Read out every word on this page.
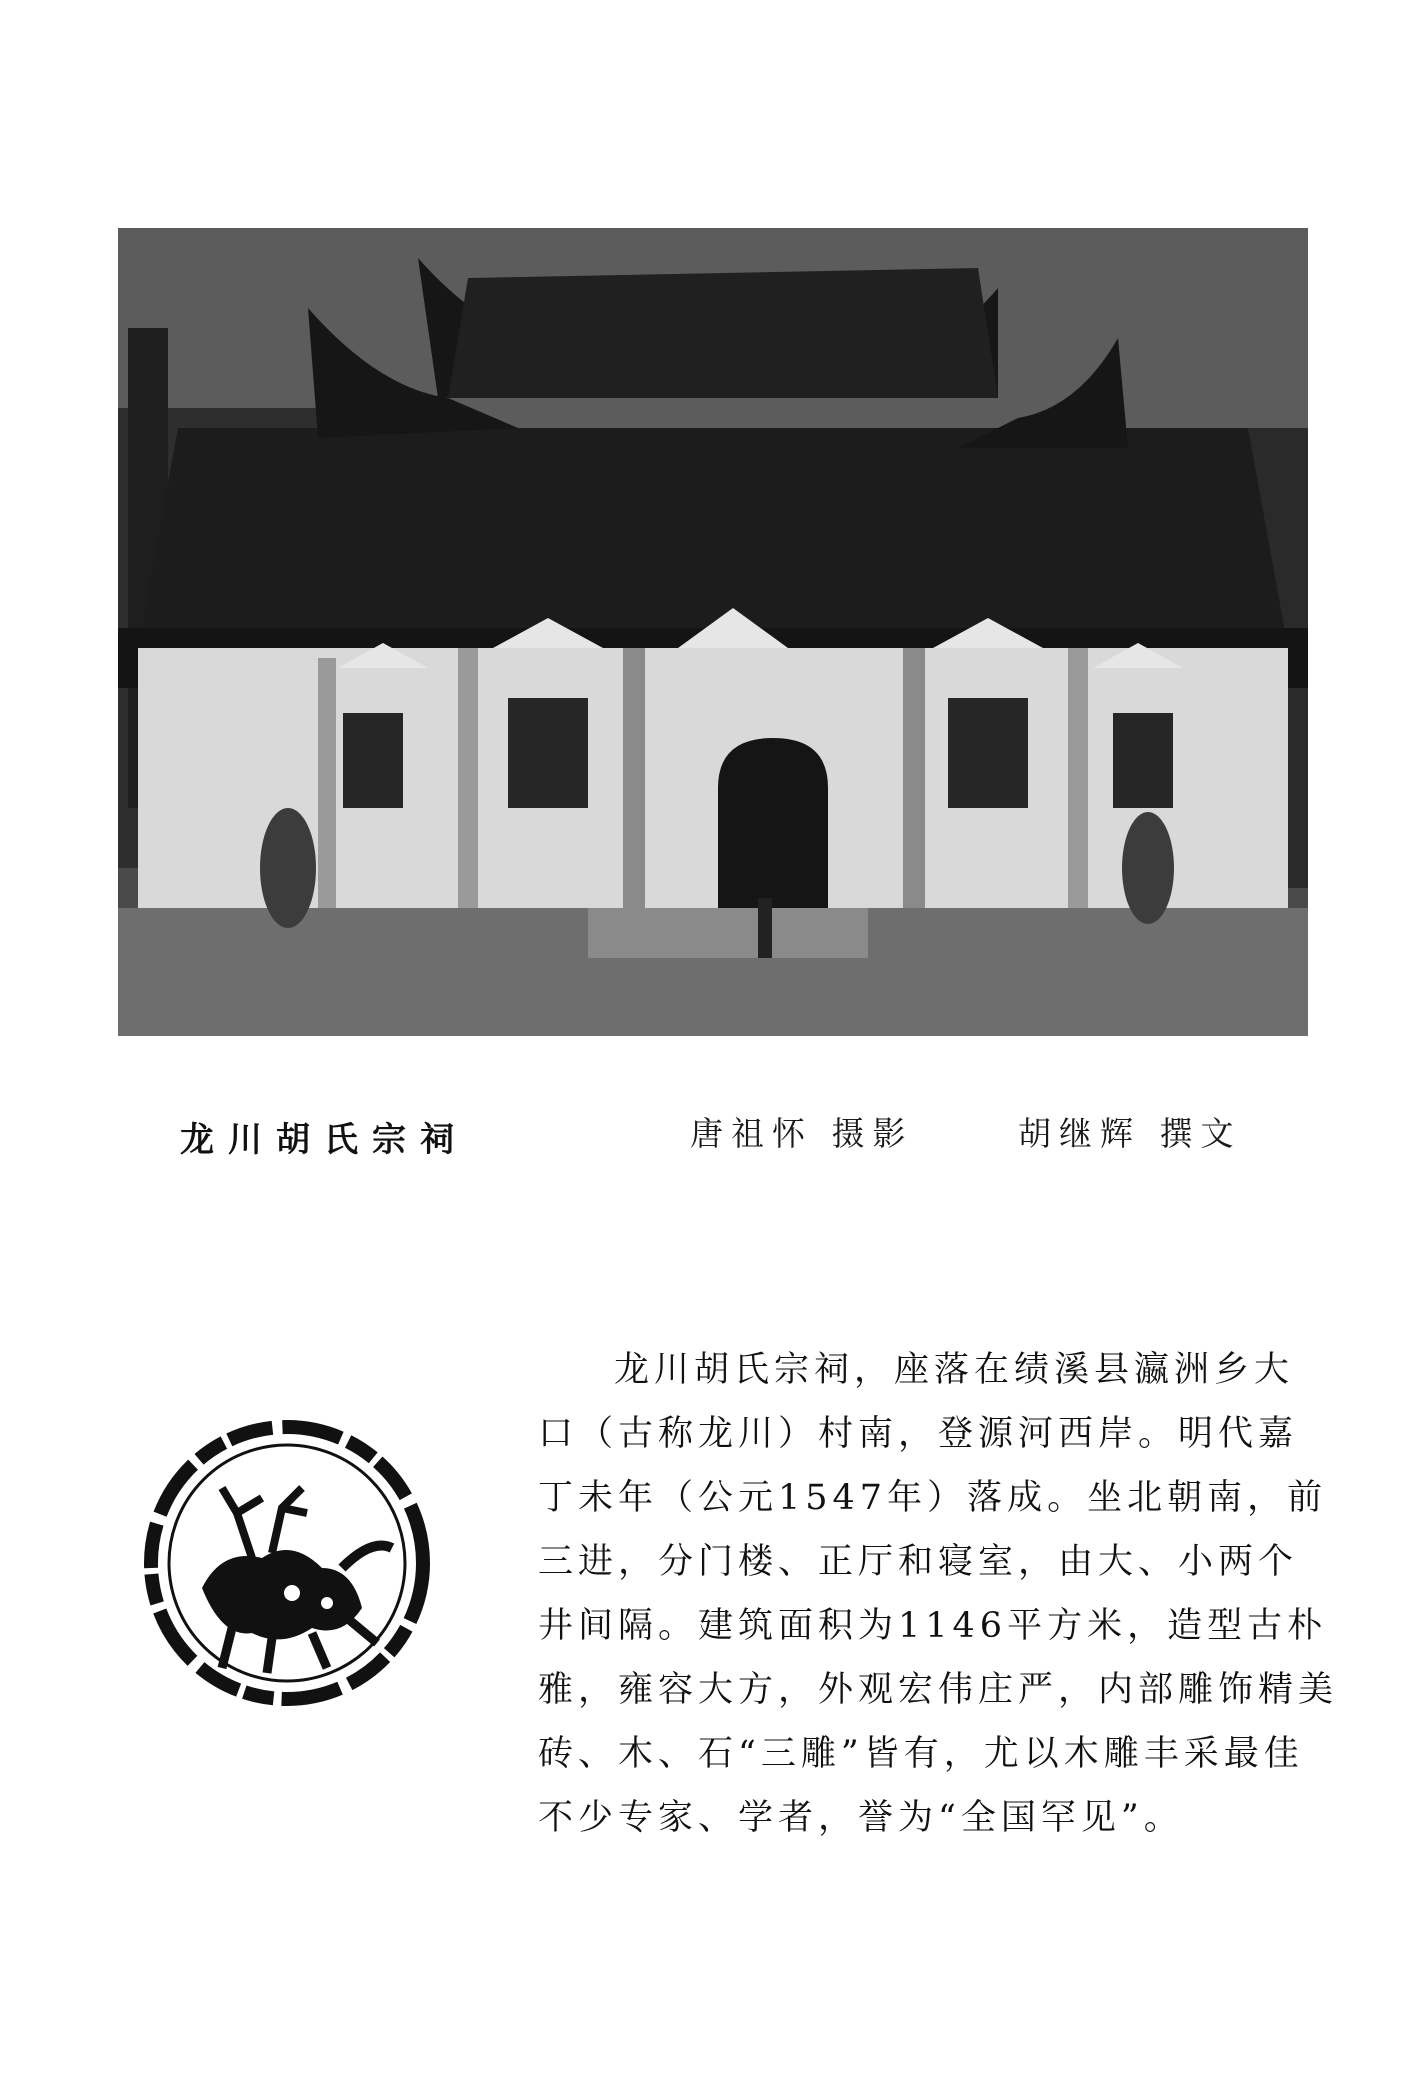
龙川胡氏宗祠	唐祖怀 摄影	胡继辉 撰文
龙川胡氏宗祠，座落在绩溪县瀛洲乡大
口（古称龙川）村南，登源河西岸。明代嘉
丁未年（公元1547年）落成。坐北朝南，前
三进，分门楼、正厅和寝室，由大、小两个
井间隔。建筑面积为1146平方米，造型古朴
雅，雍容大方，外观宏伟庄严，内部雕饰精美
砖、木、石“三雕”皆有，尤以木雕丰采最佳
不少专家、学者，誉为“全国罕见”。
